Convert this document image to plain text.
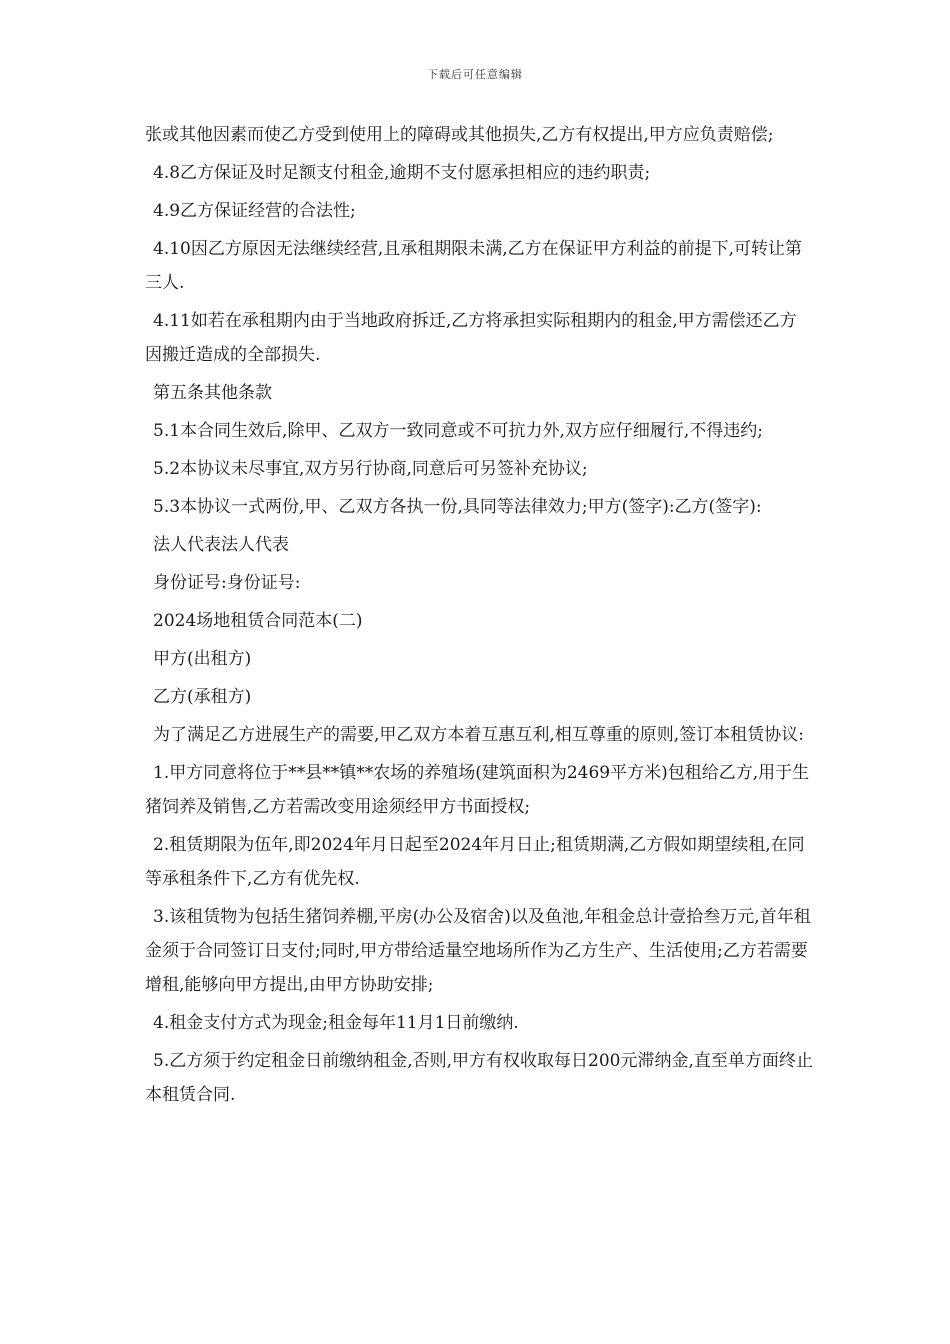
下载后可任意编辑

张或其他因素而使乙方受到使用上的障碍或其他损失,乙方有权提出,甲方应负责赔偿;

4.8乙方保证及时足额支付租金,逾期不支付愿承担相应的违约职责;

4.9乙方保证经营的合法性;

4.10因乙方原因无法继续经营,且承租期限未满,乙方在保证甲方利益的前提下,可转让第三人.

4.11如若在承租期内由于当地政府拆迁,乙方将承担实际租期内的租金,甲方需偿还乙方因搬迁造成的全部损失.

第五条其他条款

5.1本合同生效后,除甲、乙双方一致同意或不可抗力外,双方应仔细履行,不得违约;

5.2本协议未尽事宜,双方另行协商,同意后可另签补充协议;

5.3本协议一式两份,甲、乙双方各执一份,具同等法律效力;甲方(签字):乙方(签字):

法人代表法人代表

身份证号:身份证号:

2024场地租赁合同范本(二)

甲方(出租方)

乙方(承租方)

为了满足乙方进展生产的需要,甲乙双方本着互惠互利,相互尊重的原则,签订本租赁协议:

1.甲方同意将位于**县**镇**农场的养殖场(建筑面积为2469平方米)包租给乙方,用于生猪饲养及销售,乙方若需改变用途须经甲方书面授权;

2.租赁期限为伍年,即2024年月日起至2024年月日止;租赁期满,乙方假如期望续租,在同等承租条件下,乙方有优先权.

3.该租赁物为包括生猪饲养棚,平房(办公及宿舍)以及鱼池,年租金总计壹拾叁万元,首年租金须于合同签订日支付;同时,甲方带给适量空地场所作为乙方生产、生活使用;乙方若需要增租,能够向甲方提出,由甲方协助安排;

4.租金支付方式为现金;租金每年11月1日前缴纳.

5.乙方须于约定租金日前缴纳租金,否则,甲方有权收取每日200元滞纳金,直至单方面终止本租赁合同.
